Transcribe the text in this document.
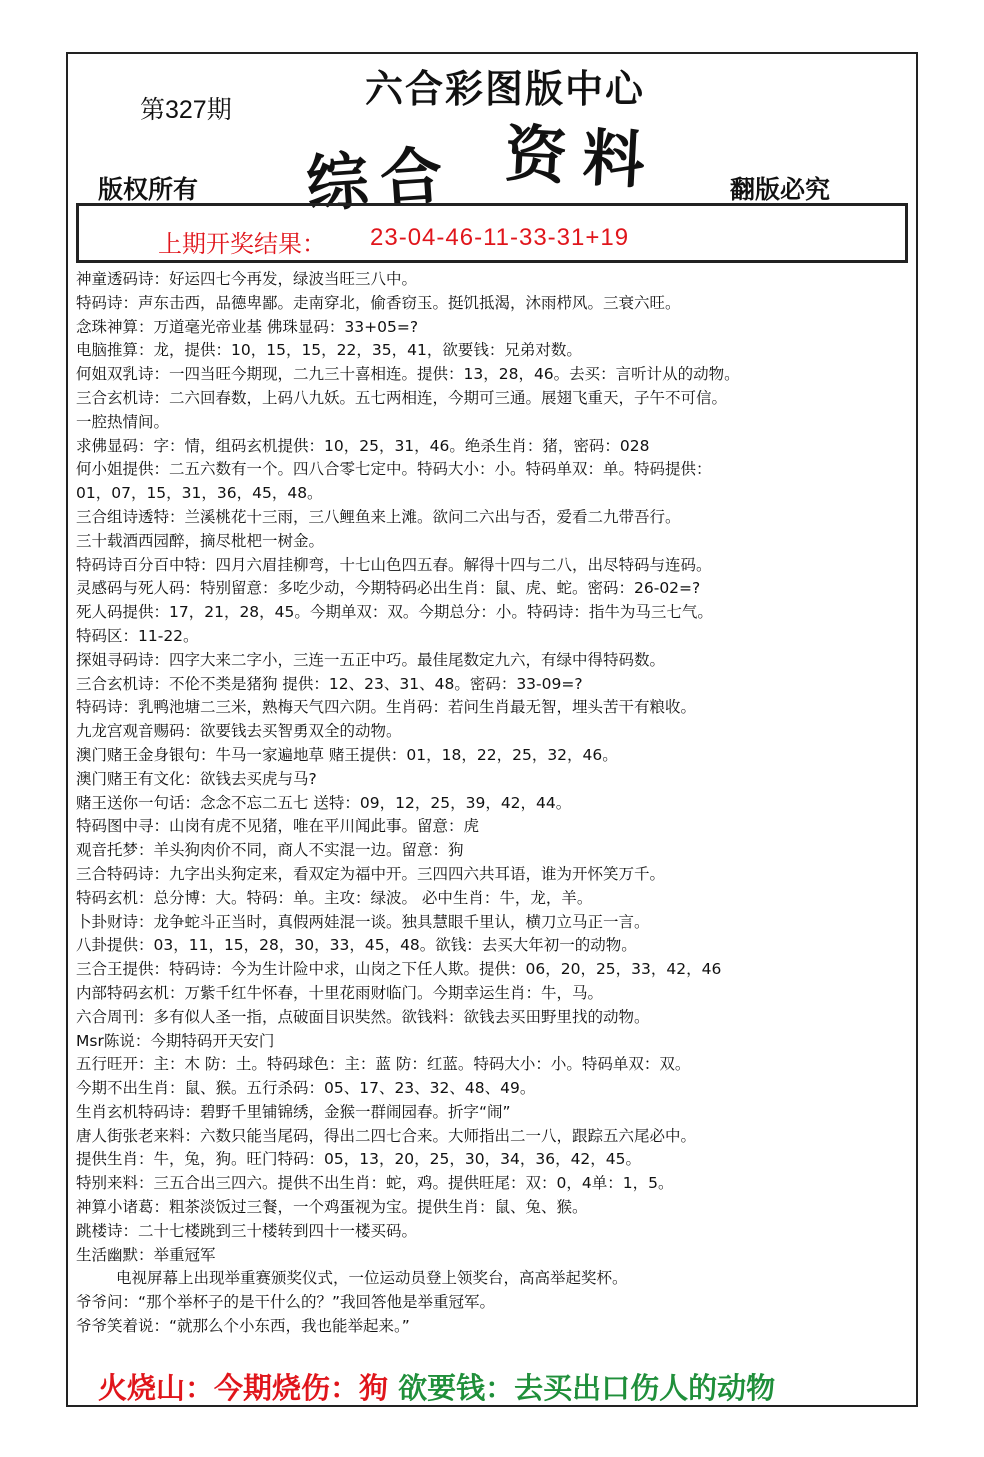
第327期	六合彩图版中心
综合 资料
版权所有	翻版必究
上期开奖结果： 23-04-46-11-33-31+19
神童透码诗：好运四七今再发，绿波当旺三八中。
特码诗：声东击西，品德卑鄙。走南穿北，偷香窃玉。挺饥抵渴，沐雨栉风。三衰六旺。
念珠神算：万道毫光帝业基 佛珠显码：33+05=?
电脑推算：龙，提供：10，15，15，22，35，41，欲要钱：兄弟对数。
何姐双乳诗：一四当旺今期现，二九三十喜相连。提供：13，28，46。去买：言听计从的动物。
三合玄机诗：二六回春数，上码八九妖。五七两相连，今期可三通。展翅飞重天，子午不可信。
一腔热情间。
求佛显码：字：情，组码玄机提供：10，25，31，46。绝杀生肖：猪，密码：028
何小姐提供：二五六数有一个。四八合零七定中。特码大小：小。特码单双：单。特码提供：
01，07，15，31，36，45，48。
三合组诗透特：兰溪桃花十三雨，三八鲤鱼来上滩。欲问二六出与否，爱看二九带吾行。
三十载酒西园醉，摘尽枇杷一树金。
特码诗百分百中特：四月六眉挂柳弯，十七山色四五春。解得十四与二八，出尽特码与连码。
灵感码与死人码：特别留意：多吃少动，今期特码必出生肖：鼠、虎、蛇。密码：26-02=?
死人码提供：17，21，28，45。今期单双：双。今期总分：小。特码诗：指牛为马三七气。
特码区：11-22。
探姐寻码诗：四字大来二字小，三连一五正中巧。最佳尾数定九六，有绿中得特码数。
三合玄机诗：不伦不类是猪狗 提供：12、23、31、48。密码：33-09=?
特码诗：乳鸭池塘二三米，熟梅天气四六阴。生肖码：若问生肖最无智，埋头苦干有粮收。
九龙宫观音赐码：欲要钱去买智勇双全的动物。
澳门赌王金身银句：牛马一家遍地草 赌王提供：01，18，22，25，32，46。
澳门赌王有文化：欲钱去买虎与马?
赌王送你一句话：念念不忘二五七 送特：09，12，25，39，42，44。
特码图中寻：山岗有虎不见猪，唯在平川闻此事。留意：虎
观音托梦：羊头狗肉价不同，商人不实混一边。留意：狗
三合特码诗：九字出头狗定来，看双定为福中开。三四四六共耳语，谁为开怀笑万千。
特码玄机：总分博：大。特码：单。主攻：绿波。 必中生肖：牛，龙，羊。
卜卦财诗：龙争蛇斗正当时，真假两娃混一谈。独具慧眼千里认，横刀立马正一言。
八卦提供：03，11，15，28，30，33，45，48。欲钱：去买大年初一的动物。
三合王提供：特码诗：今为生计险中求，山岗之下任人欺。提供：06，20，25，33，42，46
内部特码玄机：万紫千红牛怀春，十里花雨财临门。今期幸运生肖：牛，马。
六合周刊：多有似人圣一指，点破面目识奘然。欲钱料：欲钱去买田野里找的动物。
Msr陈说：今期特码开天安门
五行旺开：主：木 防：土。特码球色：主：蓝 防：红蓝。特码大小：小。特码单双：双。
今期不出生肖：鼠、猴。五行杀码：05、17、23、32、48、49。
生肖玄机特码诗：碧野千里铺锦绣，金猴一群闹园春。折字“闹”
唐人街张老来料：六数只能当尾码，得出二四七合来。大师指出二一八，跟踪五六尾必中。
提供生肖：牛，兔，狗。旺门特码：05，13，20，25，30，34，36，42，45。
特别来料：三五合出三四六。提供不出生肖：蛇，鸡。提供旺尾：双：0，4单：1，5。
神算小诸葛：粗茶淡饭过三餐，一个鸡蛋视为宝。提供生肖：鼠、兔、猴。
跳楼诗：二十七楼跳到三十楼转到四十一楼买码。
生活幽默：举重冠军
电视屏幕上出现举重赛颁奖仪式，一位运动员登上领奖台，高高举起奖杯。
爷爷问：“那个举杯子的是干什么的？”我回答他是举重冠军。
爷爷笑着说：“就那么个小东西，我也能举起来。”
火烧山：今期烧伤：狗 欲要钱：去买出口伤人的动物
